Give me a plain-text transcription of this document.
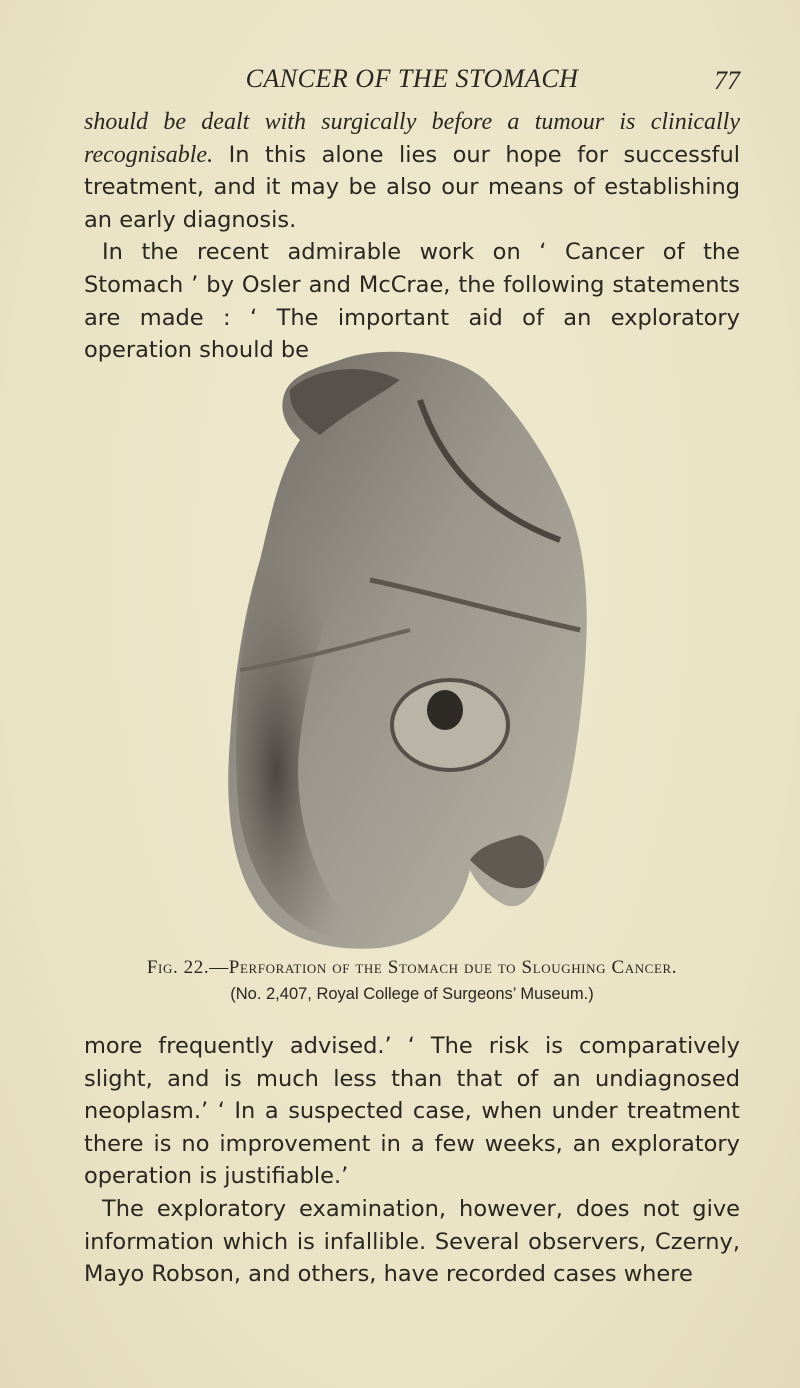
CANCER OF THE STOMACH	77

should be dealt with surgically before a tumour is clinically recognisable. In this alone lies our hope for successful treatment, and it may be also our means of establishing an early diagnosis.

In the recent admirable work on ‘ Cancer of the Stomach ’ by Osler and McCrae, the following statements are made : ‘ The important aid of an exploratory operation should be

Fig. 22.—Perforation of the Stomach due to Sloughing Cancer.
(No. 2,407, Royal College of Surgeons’ Museum.)

more frequently advised.’ ‘ The risk is comparatively slight, and is much less than that of an undiagnosed neoplasm.’ ‘ In a suspected case, when under treatment there is no improvement in a few weeks, an exploratory operation is justifiable.’

The exploratory examination, however, does not give information which is infallible. Several observers, Czerny, Mayo Robson, and others, have recorded cases where
